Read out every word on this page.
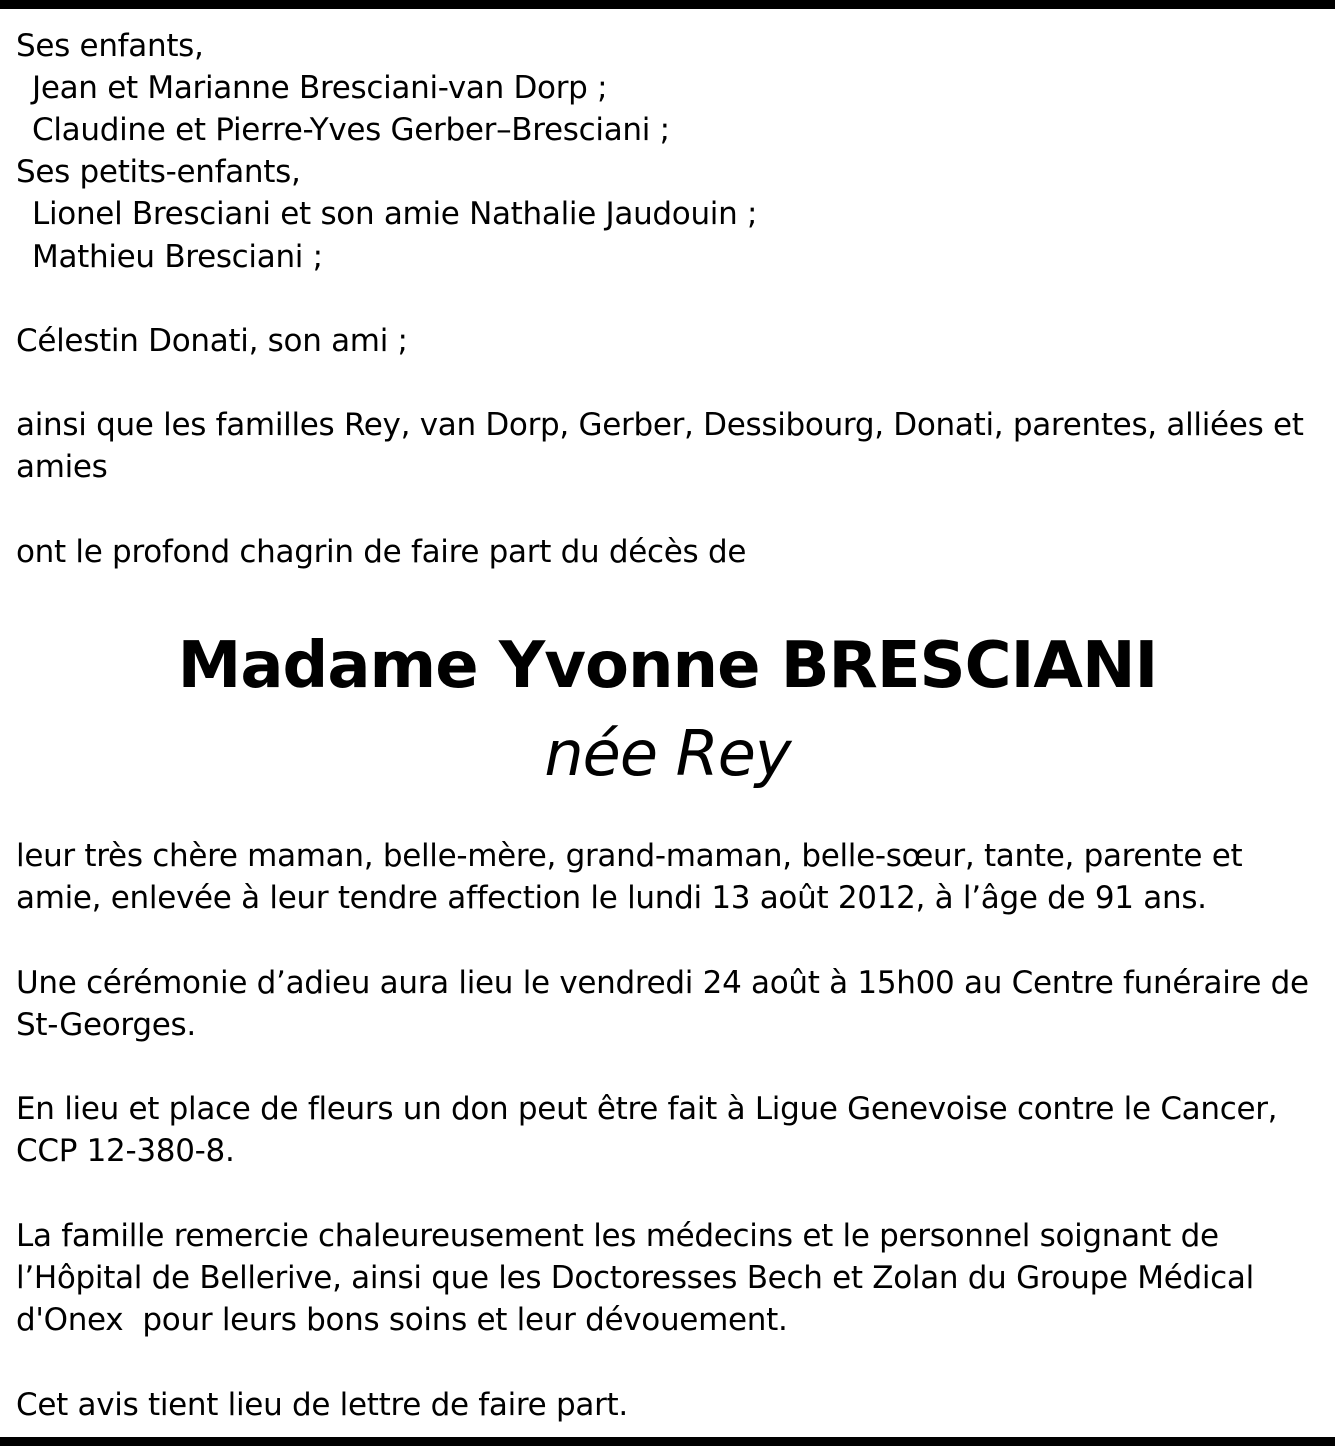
Ses enfants,
Jean et Marianne Bresciani-van Dorp ;
Claudine et Pierre-Yves Gerber–Bresciani ;
Ses petits-enfants,
Lionel Bresciani et son amie Nathalie Jaudouin ;
Mathieu Bresciani ;
Célestin Donati, son ami ;
ainsi que les familles Rey, van Dorp, Gerber, Dessibourg, Donati, parentes, alliées et
amies
ont le profond chagrin de faire part du décès de
Madame Yvonne BRESCIANI
née Rey
leur très chère maman, belle-mère, grand-maman, belle-sœur, tante, parente et
amie, enlevée à leur tendre affection le lundi 13 août 2012, à l’âge de 91 ans.
Une cérémonie d’adieu aura lieu le vendredi 24 août à 15h00 au Centre funéraire de
St-Georges.
En lieu et place de fleurs un don peut être fait à Ligue Genevoise contre le Cancer,
CCP 12-380-8.
La famille remercie chaleureusement les médecins et le personnel soignant de
l’Hôpital de Bellerive, ainsi que les Doctoresses Bech et Zolan du Groupe Médical
d'Onex  pour leurs bons soins et leur dévouement.
Cet avis tient lieu de lettre de faire part.
